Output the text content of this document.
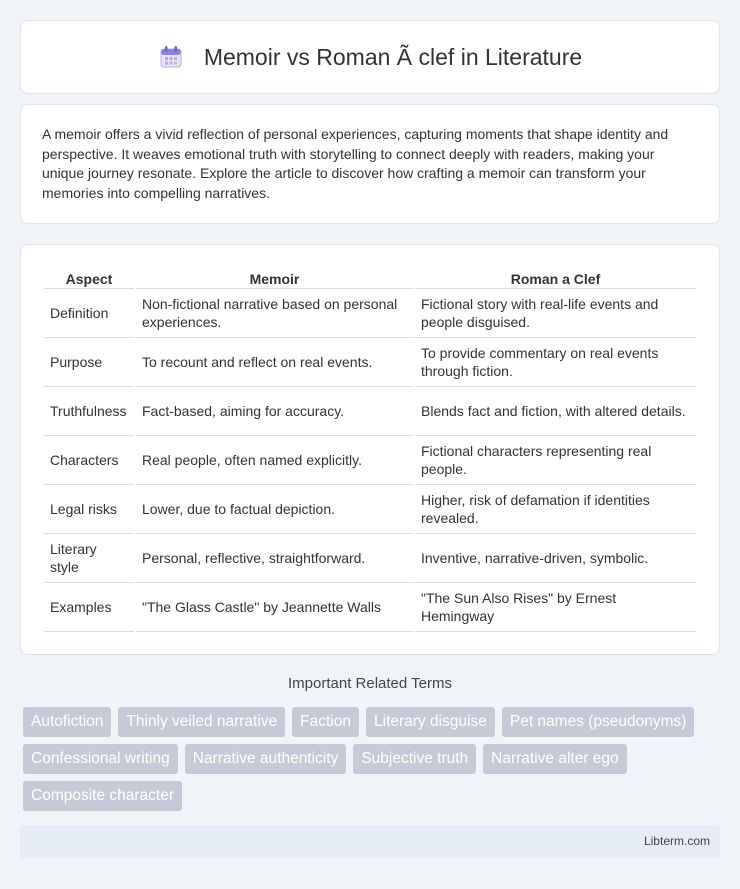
Memoir vs Roman Ã clef in Literature

A memoir offers a vivid reflection of personal experiences, capturing moments that shape identity and perspective. It weaves emotional truth with storytelling to connect deeply with readers, making your unique journey resonate. Explore the article to discover how crafting a memoir can transform your memories into compelling narratives.

Aspect	Memoir	Roman a Clef
Definition	Non-fictional narrative based on personal experiences.	Fictional story with real-life events and people disguised.
Purpose	To recount and reflect on real events.	To provide commentary on real events through fiction.
Truthfulness	Fact-based, aiming for accuracy.	Blends fact and fiction, with altered details.
Characters	Real people, often named explicitly.	Fictional characters representing real people.
Legal risks	Lower, due to factual depiction.	Higher, risk of defamation if identities revealed.
Literary style	Personal, reflective, straightforward.	Inventive, narrative-driven, symbolic.
Examples	"The Glass Castle" by Jeannette Walls	"The Sun Also Rises" by Ernest Hemingway
Important Related Terms
Autofiction	Thinly veiled narrative	Faction	Literary disguise	Pet names (pseudonyms)
Confessional writing	Narrative authenticity	Subjective truth	Narrative alter ego
Composite character
Libterm.com
